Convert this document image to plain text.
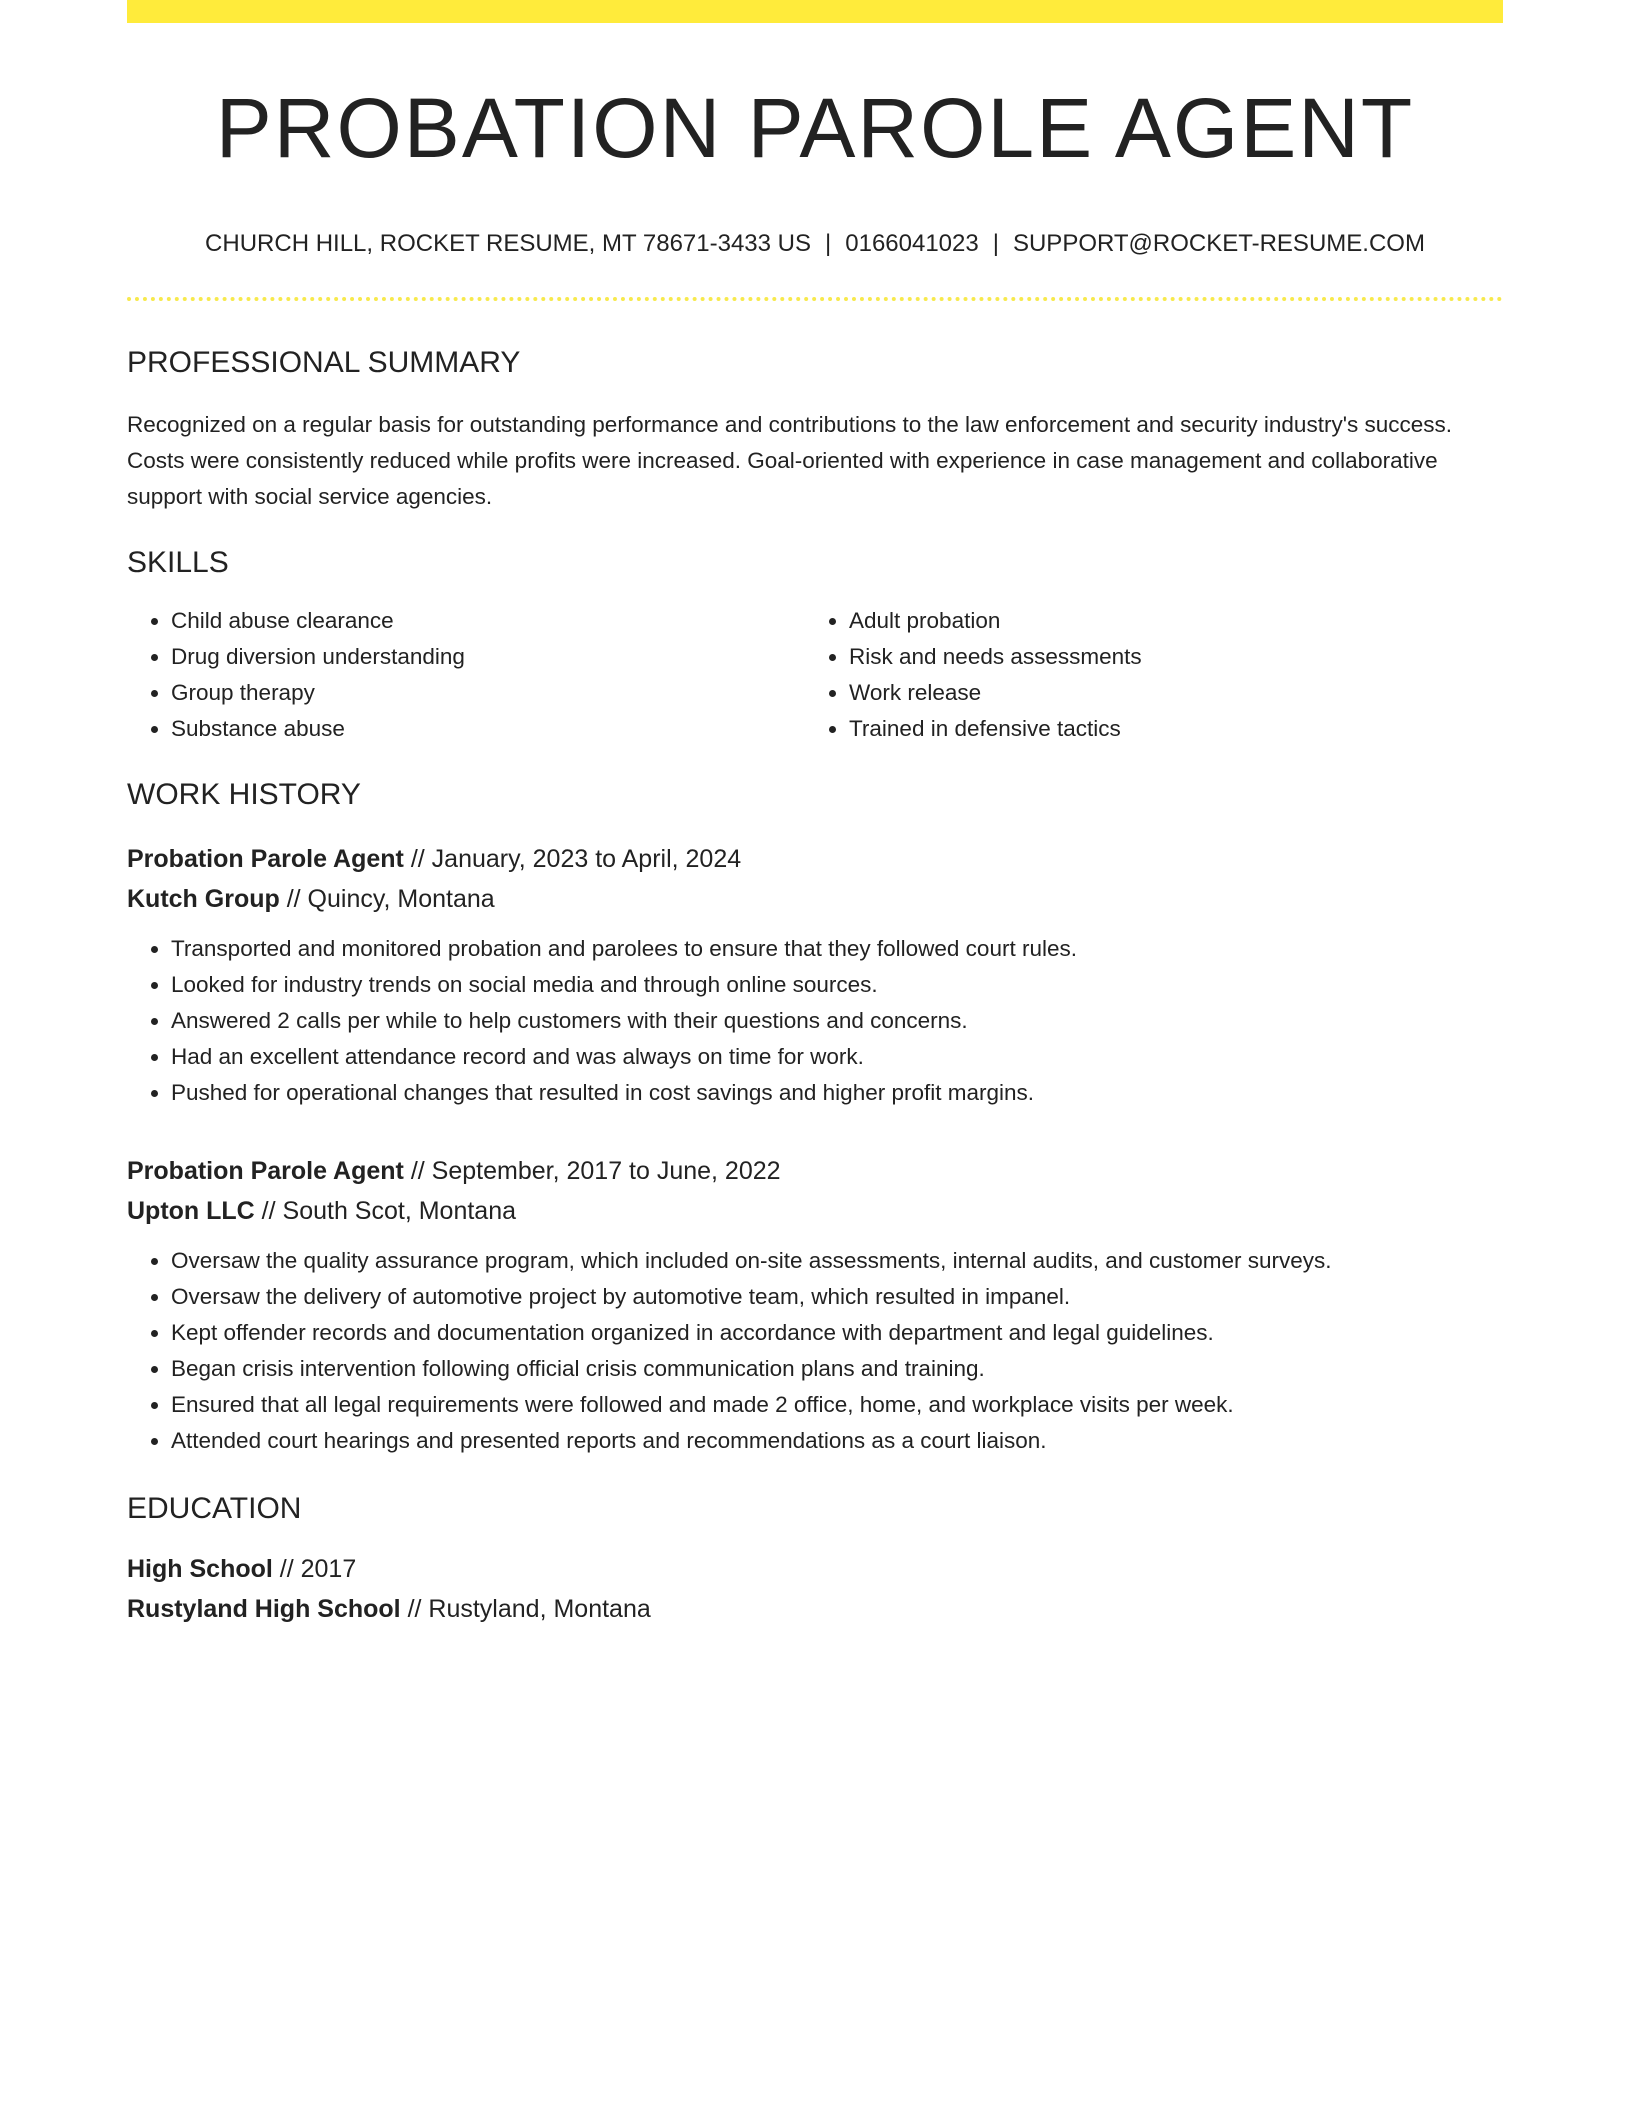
PROBATION PAROLE AGENT
CHURCH HILL, ROCKET RESUME, MT 78671-3433 US | 0166041023 | SUPPORT@ROCKET-RESUME.COM
PROFESSIONAL SUMMARY

Recognized on a regular basis for outstanding performance and contributions to the law enforcement and security industry's success. Costs were consistently reduced while profits were increased. Goal-oriented with experience in case management and collaborative support with social service agencies.

SKILLS
• Child abuse clearance
• Drug diversion understanding
• Group therapy
• Substance abuse
• Adult probation
• Risk and needs assessments
• Work release
• Trained in defensive tactics
WORK HISTORY
Probation Parole Agent // January, 2023 to April, 2024
Kutch Group // Quincy, Montana
• Transported and monitored probation and parolees to ensure that they followed court rules.
• Looked for industry trends on social media and through online sources.
• Answered 2 calls per while to help customers with their questions and concerns.
• Had an excellent attendance record and was always on time for work.
• Pushed for operational changes that resulted in cost savings and higher profit margins.
Probation Parole Agent // September, 2017 to June, 2022
Upton LLC // South Scot, Montana
• Oversaw the quality assurance program, which included on-site assessments, internal audits, and customer surveys.
• Oversaw the delivery of automotive project by automotive team, which resulted in impanel.
• Kept offender records and documentation organized in accordance with department and legal guidelines.
• Began crisis intervention following official crisis communication plans and training.
• Ensured that all legal requirements were followed and made 2 office, home, and workplace visits per week.
• Attended court hearings and presented reports and recommendations as a court liaison.
EDUCATION
High School // 2017
Rustyland High School // Rustyland, Montana
